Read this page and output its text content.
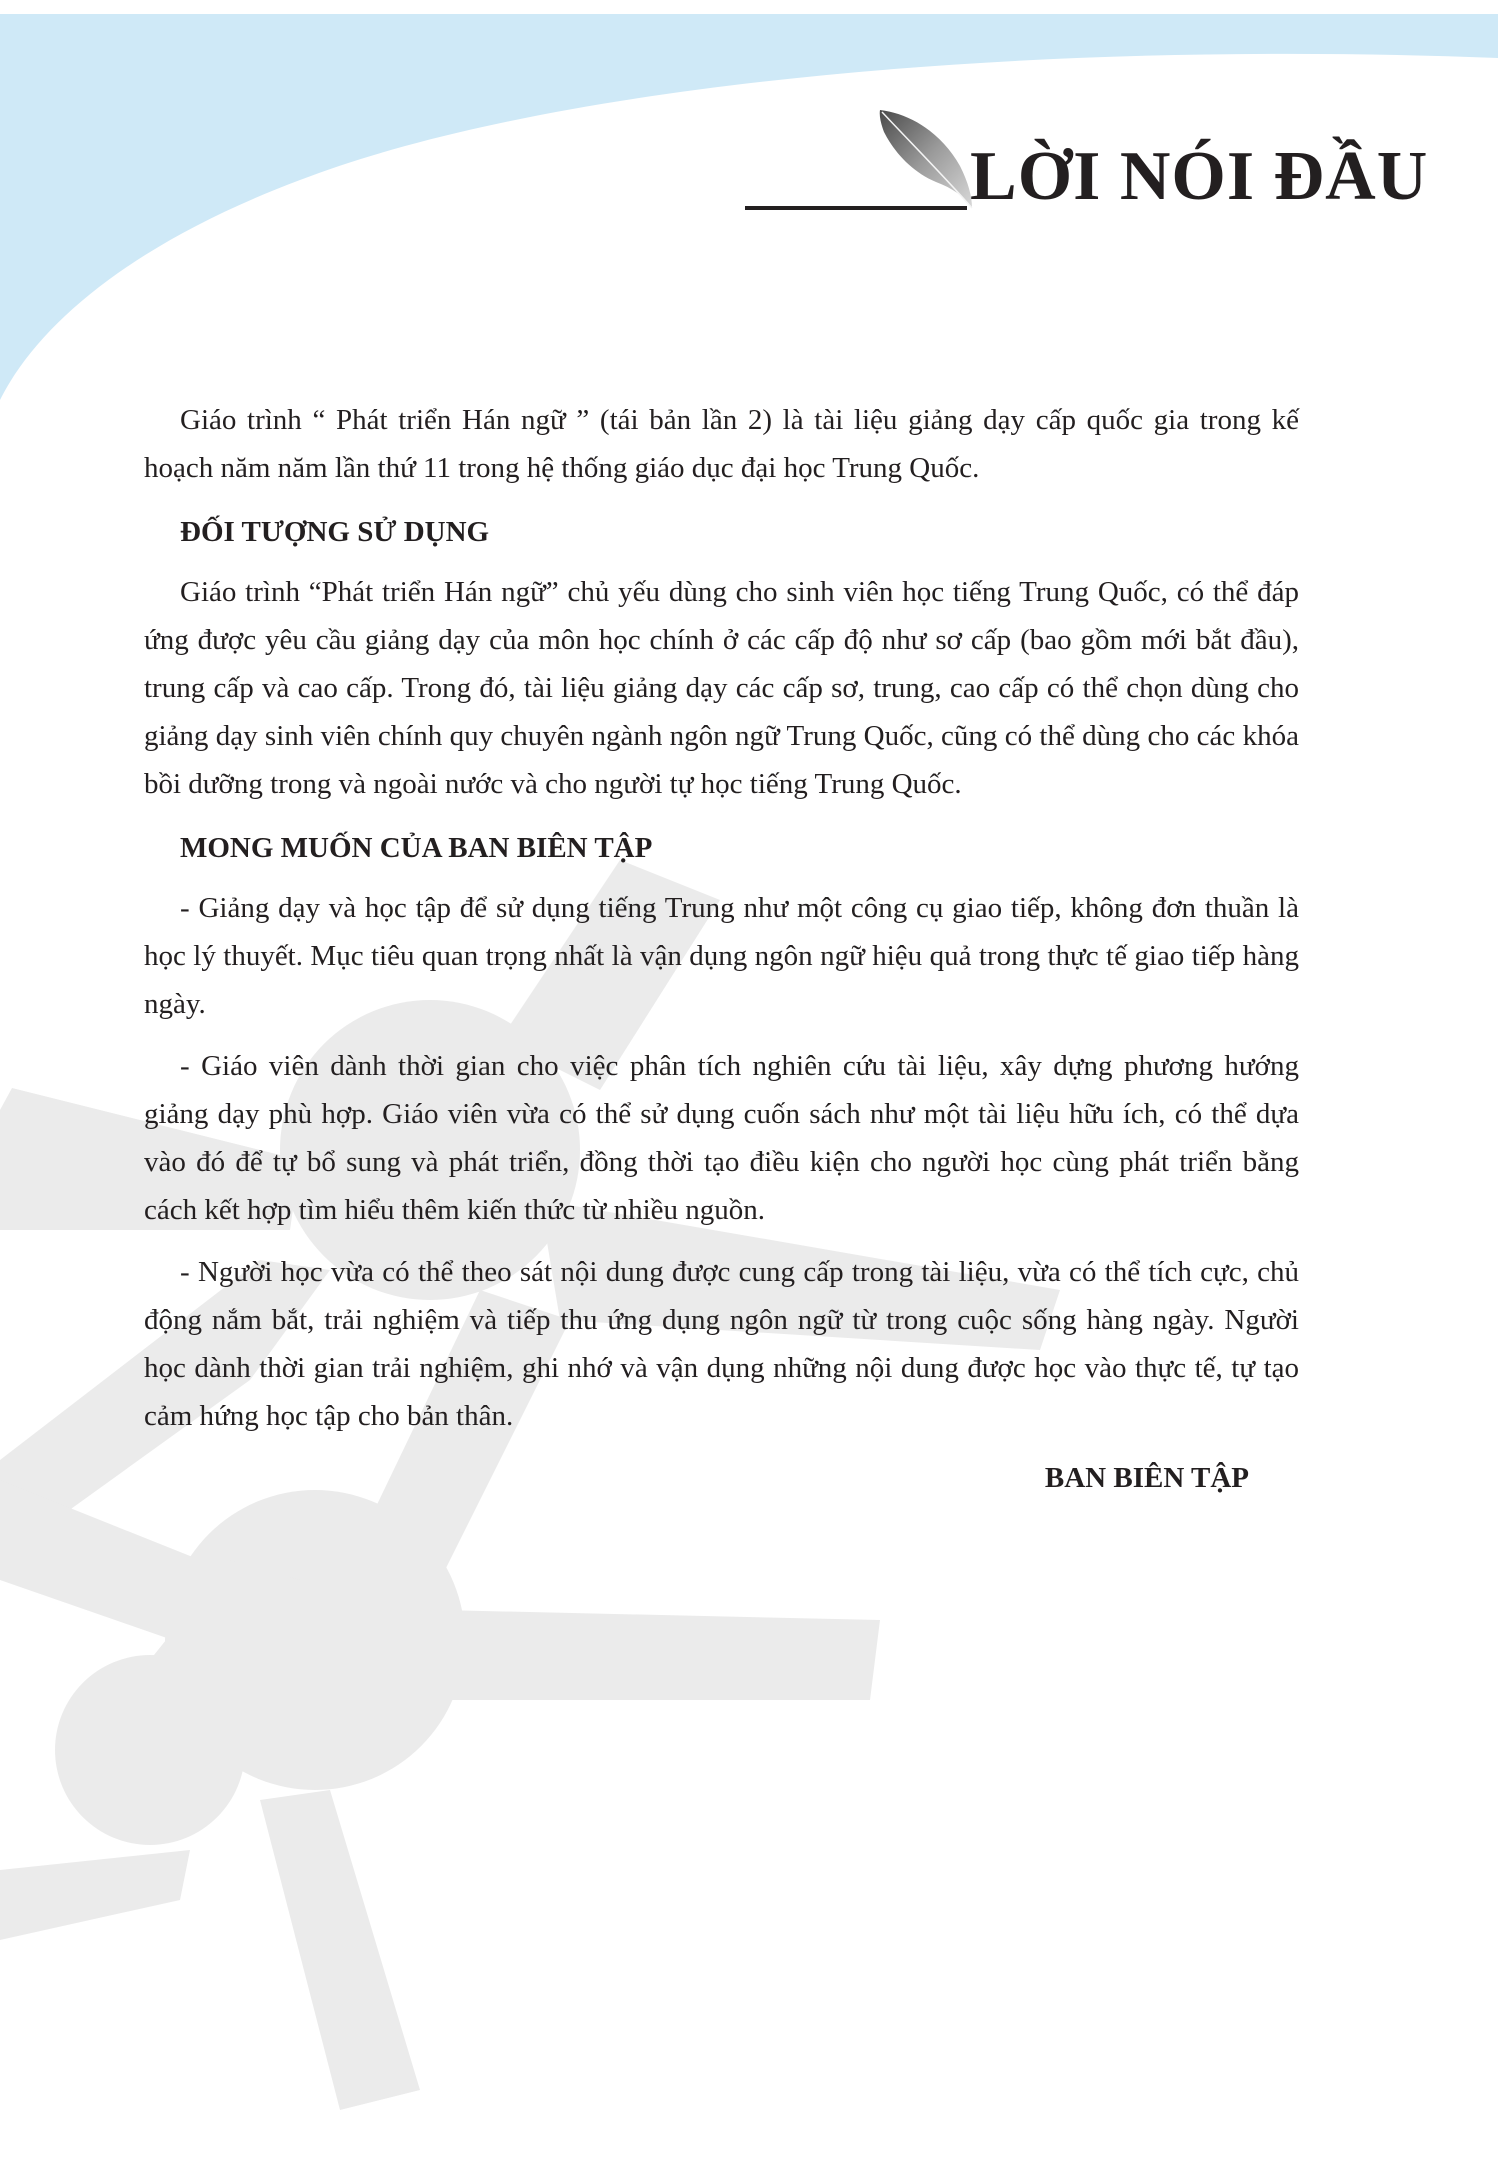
LỜI NÓI ĐẦU

Giáo trình “ Phát triển Hán ngữ ” (tái bản lần 2) là tài liệu giảng dạy cấp quốc gia trong kế hoạch năm năm lần thứ 11 trong hệ thống giáo dục đại học Trung Quốc.

ĐỐI TƯỢNG SỬ DỤNG

Giáo trình “Phát triển Hán ngữ” chủ yếu dùng cho sinh viên học tiếng Trung Quốc, có thể đáp ứng được yêu cầu giảng dạy của môn học chính ở các cấp độ như sơ cấp (bao gồm mới bắt đầu), trung cấp và cao cấp. Trong đó, tài liệu giảng dạy các cấp sơ, trung, cao cấp có thể chọn dùng cho giảng dạy sinh viên chính quy chuyên ngành ngôn ngữ Trung Quốc, cũng có thể dùng cho các khóa bồi dưỡng trong và ngoài nước và cho người tự học tiếng Trung Quốc.

MONG MUỐN CỦA BAN BIÊN TẬP

- Giảng dạy và học tập để sử dụng tiếng Trung như một công cụ giao tiếp, không đơn thuần là học lý thuyết. Mục tiêu quan trọng nhất là vận dụng ngôn ngữ hiệu quả trong thực tế giao tiếp hàng ngày.

- Giáo viên dành thời gian cho việc phân tích nghiên cứu tài liệu, xây dựng phương hướng giảng dạy phù hợp. Giáo viên vừa có thể sử dụng cuốn sách như một tài liệu hữu ích, có thể dựa vào đó để tự bổ sung và phát triển, đồng thời tạo điều kiện cho người học cùng phát triển bằng cách kết hợp tìm hiểu thêm kiến thức từ nhiều nguồn.

- Người học vừa có thể theo sát nội dung được cung cấp trong tài liệu, vừa có thể tích cực, chủ động nắm bắt, trải nghiệm và tiếp thu ứng dụng ngôn ngữ từ trong cuộc sống hàng ngày. Người học dành thời gian trải nghiệm, ghi nhớ và vận dụng những nội dung được học vào thực tế, tự tạo cảm hứng học tập cho bản thân.

BAN BIÊN TẬP
